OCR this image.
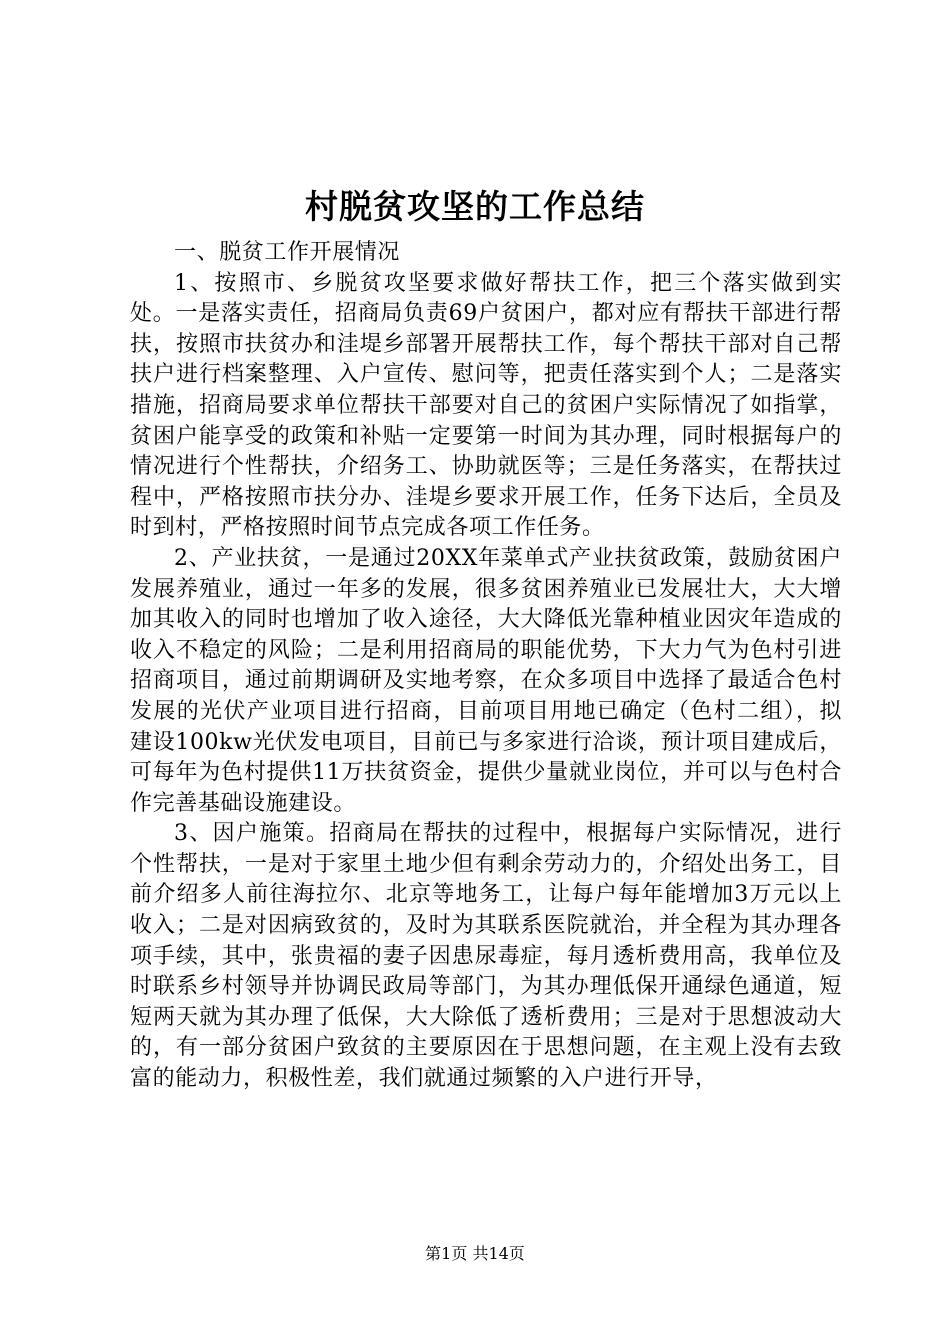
村脱贫攻坚的工作总结

一、脱贫工作开展情况

1、按照市、乡脱贫攻坚要求做好帮扶工作，把三个落实做到实处。一是落实责任，招商局负责69户贫困户，都对应有帮扶干部进行帮扶，按照市扶贫办和洼堤乡部署开展帮扶工作，每个帮扶干部对自己帮扶户进行档案整理、入户宣传、慰问等，把责任落实到个人；二是落实措施，招商局要求单位帮扶干部要对自己的贫困户实际情况了如指掌，贫困户能享受的政策和补贴一定要第一时间为其办理，同时根据每户的情况进行个性帮扶，介绍务工、协助就医等；三是任务落实，在帮扶过程中，严格按照市扶分办、洼堤乡要求开展工作，任务下达后，全员及时到村，严格按照时间节点完成各项工作任务。

2、产业扶贫，一是通过20XX年菜单式产业扶贫政策，鼓励贫困户发展养殖业，通过一年多的发展，很多贫困养殖业已发展壮大，大大增加其收入的同时也增加了收入途径，大大降低光靠种植业因灾年造成的收入不稳定的风险；二是利用招商局的职能优势，下大力气为色村引进招商项目，通过前期调研及实地考察，在众多项目中选择了最适合色村发展的光伏产业项目进行招商，目前项目用地已确定（色村二组），拟建设100kw光伏发电项目，目前已与多家进行洽谈，预计项目建成后，可每年为色村提供11万扶贫资金，提供少量就业岗位，并可以与色村合作完善基础设施建设。

3、因户施策。招商局在帮扶的过程中，根据每户实际情况，进行个性帮扶，一是对于家里土地少但有剩余劳动力的，介绍处出务工，目前介绍多人前往海拉尔、北京等地务工，让每户每年能增加3万元以上收入；二是对因病致贫的，及时为其联系医院就治，并全程为其办理各项手续，其中，张贵福的妻子因患尿毒症，每月透析费用高，我单位及时联系乡村领导并协调民政局等部门，为其办理低保开通绿色通道，短短两天就为其办理了低保，大大除低了透析费用；三是对于思想波动大的，有一部分贫困户致贫的主要原因在于思想问题，在主观上没有去致富的能动力，积极性差，我们就通过频繁的入户进行开导，

第1页 共14页
